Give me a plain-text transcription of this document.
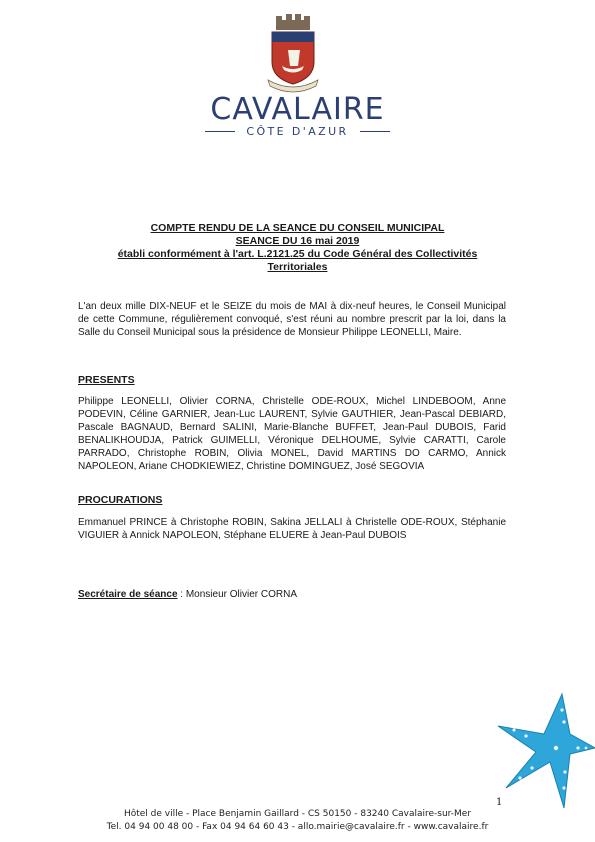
CAVALAIRE
CÔTE D'AZUR
COMPTE RENDU DE LA SEANCE DU CONSEIL MUNICIPAL
SEANCE DU 16 mai 2019
établi conformément à l'art. L.2121.25 du Code Général des Collectivités
Territoriales
L'an deux mille DIX-NEUF et le SEIZE du mois de MAI à dix-neuf heures, le Conseil Municipal de cette Commune, régulièrement convoqué, s'est réuni au nombre prescrit par la loi, dans la Salle du Conseil Municipal sous la présidence de Monsieur Philippe LEONELLI, Maire.
PRESENTS
Philippe LEONELLI, Olivier CORNA, Christelle ODE-ROUX, Michel LINDEBOOM, Anne PODEVIN, Céline GARNIER, Jean-Luc LAURENT, Sylvie GAUTHIER, Jean-Pascal DEBIARD, Pascale BAGNAUD, Bernard SALINI, Marie-Blanche BUFFET, Jean-Paul DUBOIS, Farid BENALIKHOUDJA, Patrick GUIMELLI, Véronique DELHOUME, Sylvie CARATTI, Carole PARRADO, Christophe ROBIN, Olivia MONEL, David MARTINS DO CARMO, Annick NAPOLEON, Ariane CHODKIEWIEZ, Christine DOMINGUEZ, José SEGOVIA
PROCURATIONS
Emmanuel PRINCE à Christophe ROBIN, Sakina JELLALI à Christelle ODE-ROUX, Stéphanie VIGUIER à Annick NAPOLEON, Stéphane ELUERE à Jean-Paul DUBOIS
Secrétaire de séance : Monsieur Olivier CORNA
1
Hôtel de ville - Place Benjamin Gaillard - CS 50150 - 83240 Cavalaire-sur-Mer
Tel. 04 94 00 48 00 - Fax 04 94 64 60 43 - allo.mairie@cavalaire.fr - www.cavalaire.fr
